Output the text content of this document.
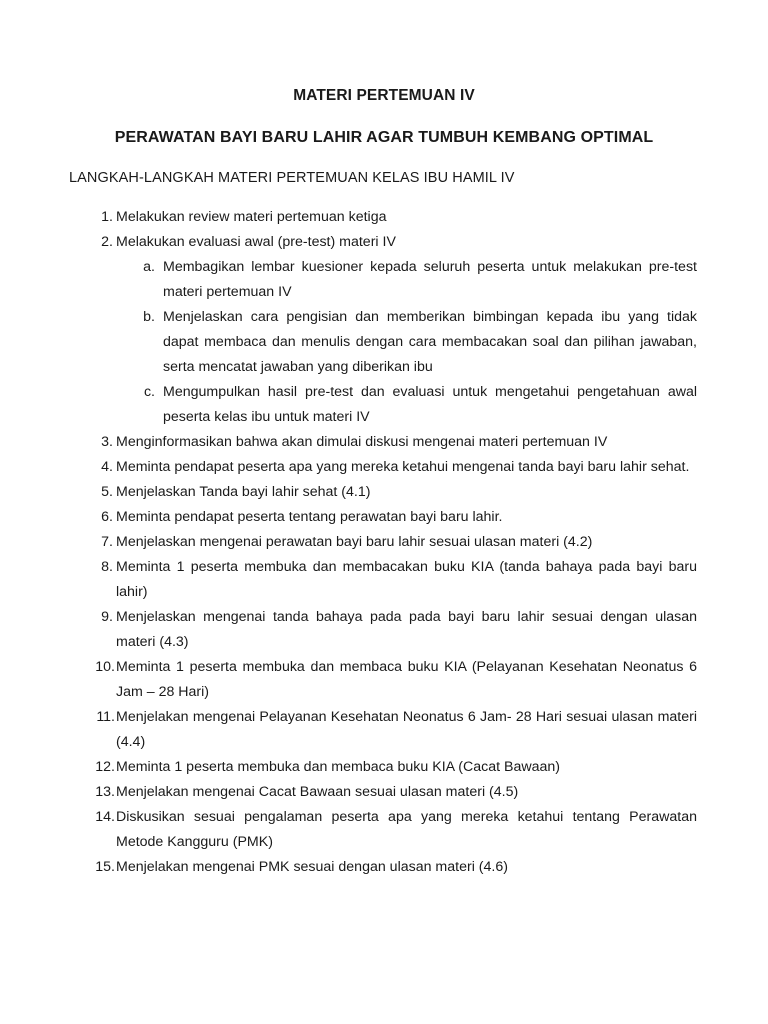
MATERI PERTEMUAN IV
PERAWATAN BAYI BARU LAHIR AGAR TUMBUH KEMBANG OPTIMAL
LANGKAH-LANGKAH MATERI PERTEMUAN KELAS IBU HAMIL IV
1. Melakukan review materi pertemuan ketiga
2. Melakukan evaluasi awal (pre-test) materi IV
a. Membagikan lembar kuesioner kepada seluruh peserta untuk melakukan pre-test materi pertemuan IV
b. Menjelaskan cara pengisian dan memberikan bimbingan kepada ibu yang tidak dapat membaca dan menulis dengan cara membacakan soal dan pilihan jawaban, serta mencatat jawaban yang diberikan ibu
c. Mengumpulkan hasil pre-test dan evaluasi untuk mengetahui pengetahuan awal peserta kelas ibu untuk materi IV
3. Menginformasikan bahwa akan dimulai diskusi mengenai materi pertemuan IV
4. Meminta pendapat peserta apa yang mereka ketahui mengenai tanda bayi baru lahir sehat.
5. Menjelaskan Tanda bayi lahir sehat (4.1)
6. Meminta pendapat peserta tentang perawatan bayi baru lahir.
7. Menjelaskan mengenai perawatan bayi baru lahir sesuai ulasan materi (4.2)
8. Meminta 1 peserta membuka dan membacakan buku KIA (tanda bahaya pada bayi baru lahir)
9. Menjelaskan mengenai tanda bahaya pada pada bayi baru lahir sesuai dengan ulasan materi (4.3)
10. Meminta 1 peserta membuka dan membaca buku KIA (Pelayanan Kesehatan Neonatus 6 Jam – 28 Hari)
11. Menjelakan mengenai Pelayanan Kesehatan Neonatus 6 Jam- 28 Hari sesuai ulasan materi (4.4)
12. Meminta 1 peserta membuka dan membaca buku KIA (Cacat Bawaan)
13. Menjelakan mengenai Cacat Bawaan sesuai ulasan materi (4.5)
14. Diskusikan sesuai pengalaman peserta apa yang mereka ketahui tentang Perawatan Metode Kangguru (PMK)
15. Menjelakan mengenai PMK sesuai dengan ulasan materi (4.6)
